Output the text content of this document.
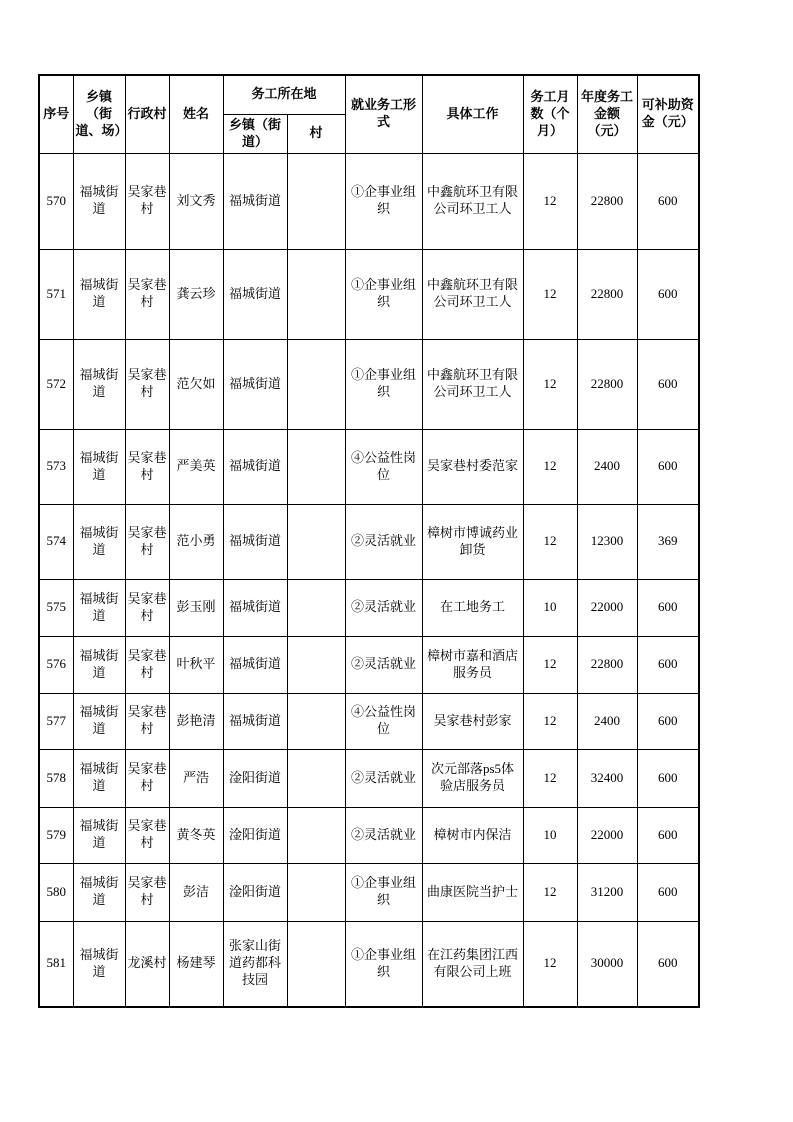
序号	乡镇（街道、场）	行政村	姓名	务工所在地		就业务工形式	具体工作	务工月数（个月）	年度务工金额（元）	可补助资金（元）
				乡镇（街道）	村					
570	福城街道	吴家巷村	刘文秀	福城街道		①企事业组织	中鑫航环卫有限公司环卫工人	12	22800	600
571	福城街道	吴家巷村	龚云珍	福城街道		①企事业组织	中鑫航环卫有限公司环卫工人	12	22800	600
572	福城街道	吴家巷村	范欠如	福城街道		①企事业组织	中鑫航环卫有限公司环卫工人	12	22800	600
573	福城街道	吴家巷村	严美英	福城街道		④公益性岗位	吴家巷村委范家	12	2400	600
574	福城街道	吴家巷村	范小勇	福城街道		②灵活就业	樟树市博诚药业卸货	12	12300	369
575	福城街道	吴家巷村	彭玉刚	福城街道		②灵活就业	在工地务工	10	22000	600
576	福城街道	吴家巷村	叶秋平	福城街道		②灵活就业	樟树市嘉和酒店服务员	12	22800	600
577	福城街道	吴家巷村	彭艳清	福城街道		④公益性岗位	吴家巷村彭家	12	2400	600
578	福城街道	吴家巷村	严浩	淦阳街道		②灵活就业	次元部落ps5体验店服务员	12	32400	600
579	福城街道	吴家巷村	黄冬英	淦阳街道		②灵活就业	樟树市内保洁	10	22000	600
580	福城街道	吴家巷村	彭洁	淦阳街道		①企事业组织	曲康医院当护士	12	31200	600
581	福城街道	龙溪村	杨建琴	张家山街道药都科技园		①企事业组织	在江药集团江西有限公司上班	12	30000	600
